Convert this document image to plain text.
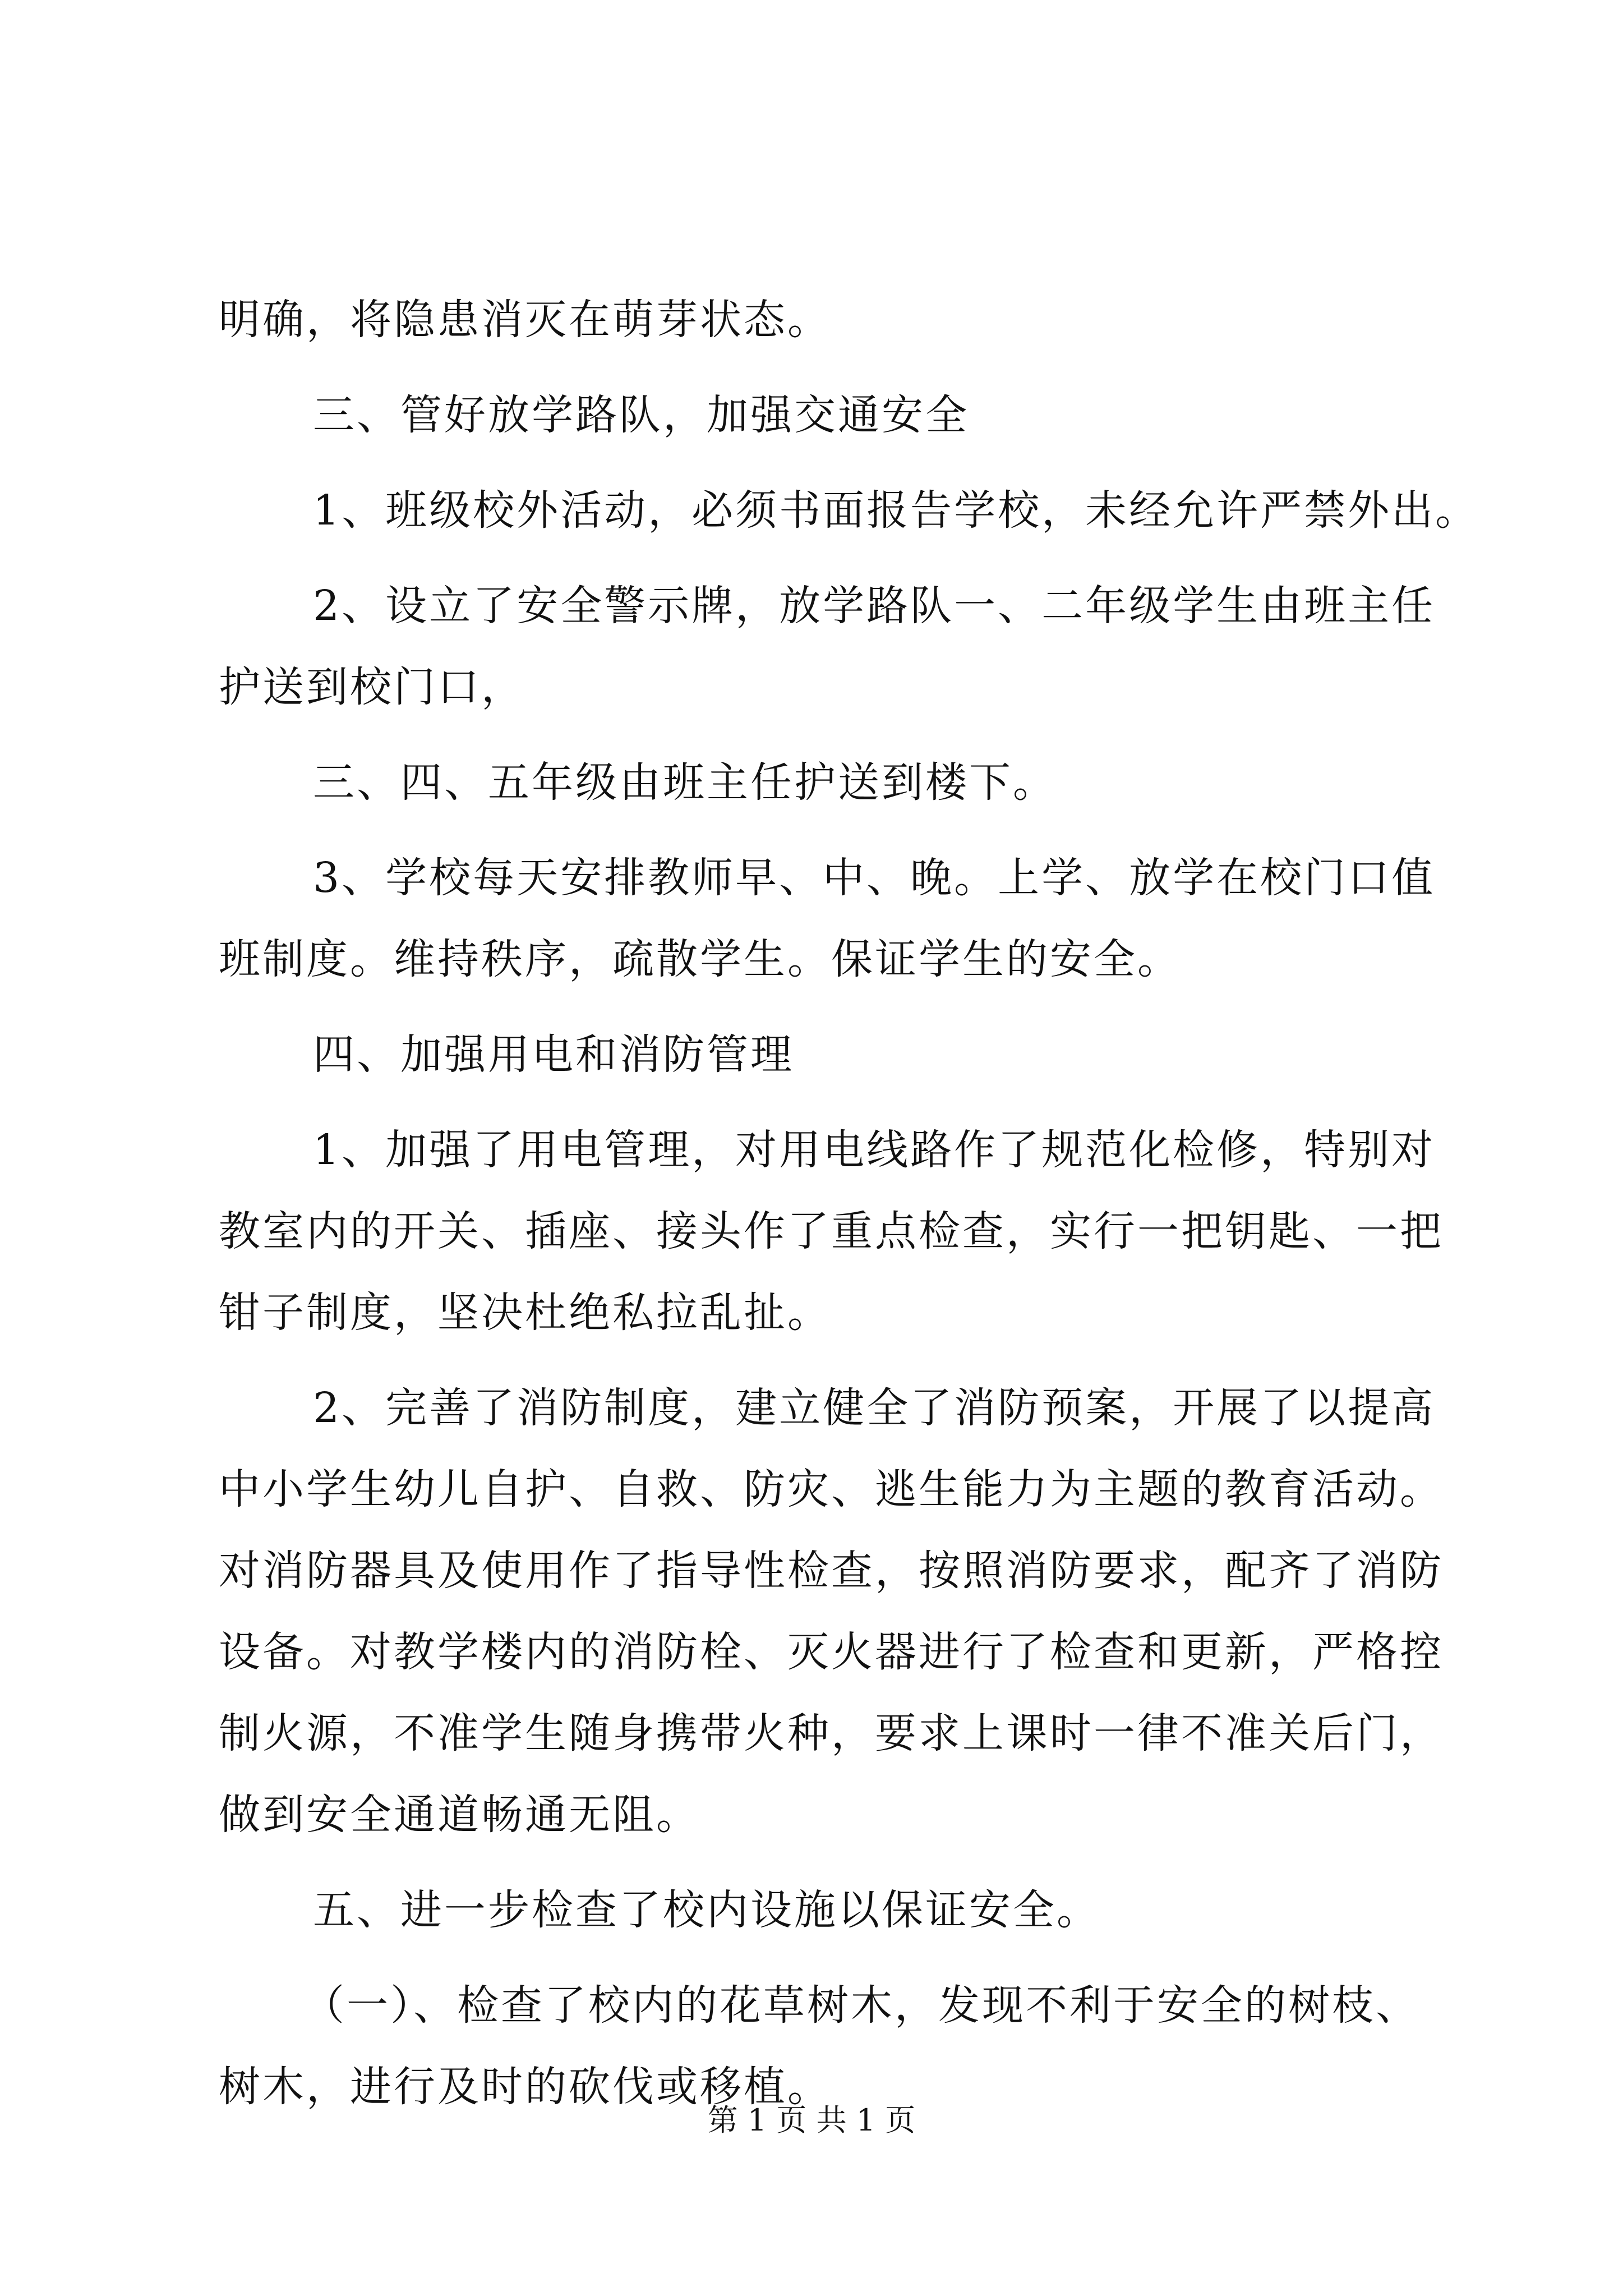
明确，将隐患消灭在萌芽状态。
三、管好放学路队，加强交通安全
1、班级校外活动，必须书面报告学校，未经允许严禁外出。
2、设立了安全警示牌，放学路队一、二年级学生由班主任
护送到校门口，
三、四、五年级由班主任护送到楼下。
3、学校每天安排教师早、中、晚。上学、放学在校门口值
班制度。维持秩序，疏散学生。保证学生的安全。
四、加强用电和消防管理
1、加强了用电管理，对用电线路作了规范化检修，特别对
教室内的开关、插座、接头作了重点检查，实行一把钥匙、一把
钳子制度，坚决杜绝私拉乱扯。
2、完善了消防制度，建立健全了消防预案，开展了以提高
中小学生幼儿自护、自救、防灾、逃生能力为主题的教育活动。
对消防器具及使用作了指导性检查，按照消防要求，配齐了消防
设备。对教学楼内的消防栓、灭火器进行了检查和更新，严格控
制火源，不准学生随身携带火种，要求上课时一律不准关后门，
做到安全通道畅通无阻。
五、进一步检查了校内设施以保证安全。
（一）、检查了校内的花草树木，发现不利于安全的树枝、
树木，进行及时的砍伐或移植。
第 1 页 共 1 页
